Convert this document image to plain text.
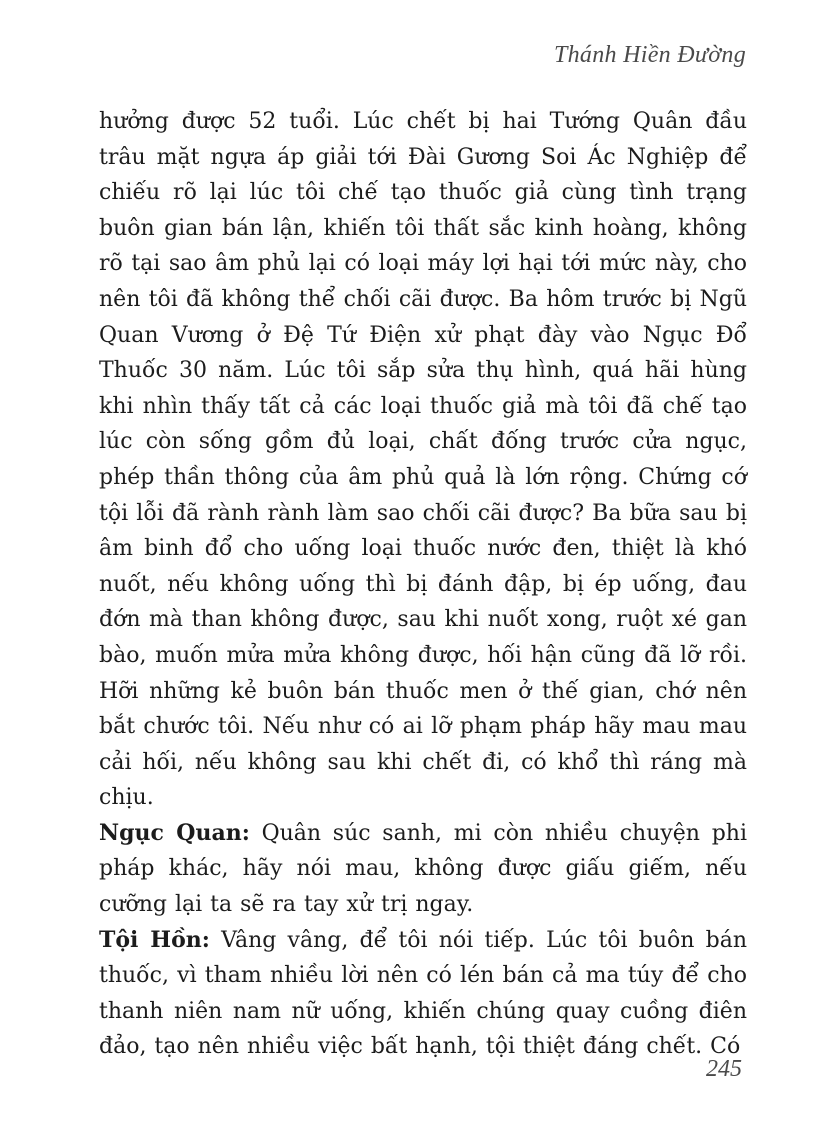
Thánh Hiền Đường

hưởng được 52 tuổi. Lúc chết bị hai Tướng Quân đầu trâu mặt ngựa áp giải tới Đài Gương Soi Ác Nghiệp để chiếu rõ lại lúc tôi chế tạo thuốc giả cùng tình trạng buôn gian bán lận, khiến tôi thất sắc kinh hoàng, không rõ tại sao âm phủ lại có loại máy lợi hại tới mức này, cho nên tôi đã không thể chối cãi được. Ba hôm trước bị Ngũ Quan Vương ở Đệ Tứ Điện xử phạt đày vào Ngục Đổ Thuốc 30 năm. Lúc tôi sắp sửa thụ hình, quá hãi hùng khi nhìn thấy tất cả các loại thuốc giả mà tôi đã chế tạo lúc còn sống gồm đủ loại, chất đống trước cửa ngục, phép thần thông của âm phủ quả là lớn rộng. Chứng cớ tội lỗi đã rành rành làm sao chối cãi được? Ba bữa sau bị âm binh đổ cho uống loại thuốc nước đen, thiệt là khó nuốt, nếu không uống thì bị đánh đập, bị ép uống, đau đớn mà than không được, sau khi nuốt xong, ruột xé gan bào, muốn mửa mửa không được, hối hận cũng đã lỡ rồi. Hỡi những kẻ buôn bán thuốc men ở thế gian, chớ nên bắt chước tôi. Nếu như có ai lỡ phạm pháp hãy mau mau cải hối, nếu không sau khi chết đi, có khổ thì ráng mà chịu.

Ngục Quan: Quân súc sanh, mi còn nhiều chuyện phi pháp khác, hãy nói mau, không được giấu giếm, nếu cưỡng lại ta sẽ ra tay xử trị ngay.

Tội Hồn: Vâng vâng, để tôi nói tiếp. Lúc tôi buôn bán thuốc, vì tham nhiều lời nên có lén bán cả ma túy để cho thanh niên nam nữ uống, khiến chúng quay cuồng điên đảo, tạo nên nhiều việc bất hạnh, tội thiệt đáng chết. Có

245
